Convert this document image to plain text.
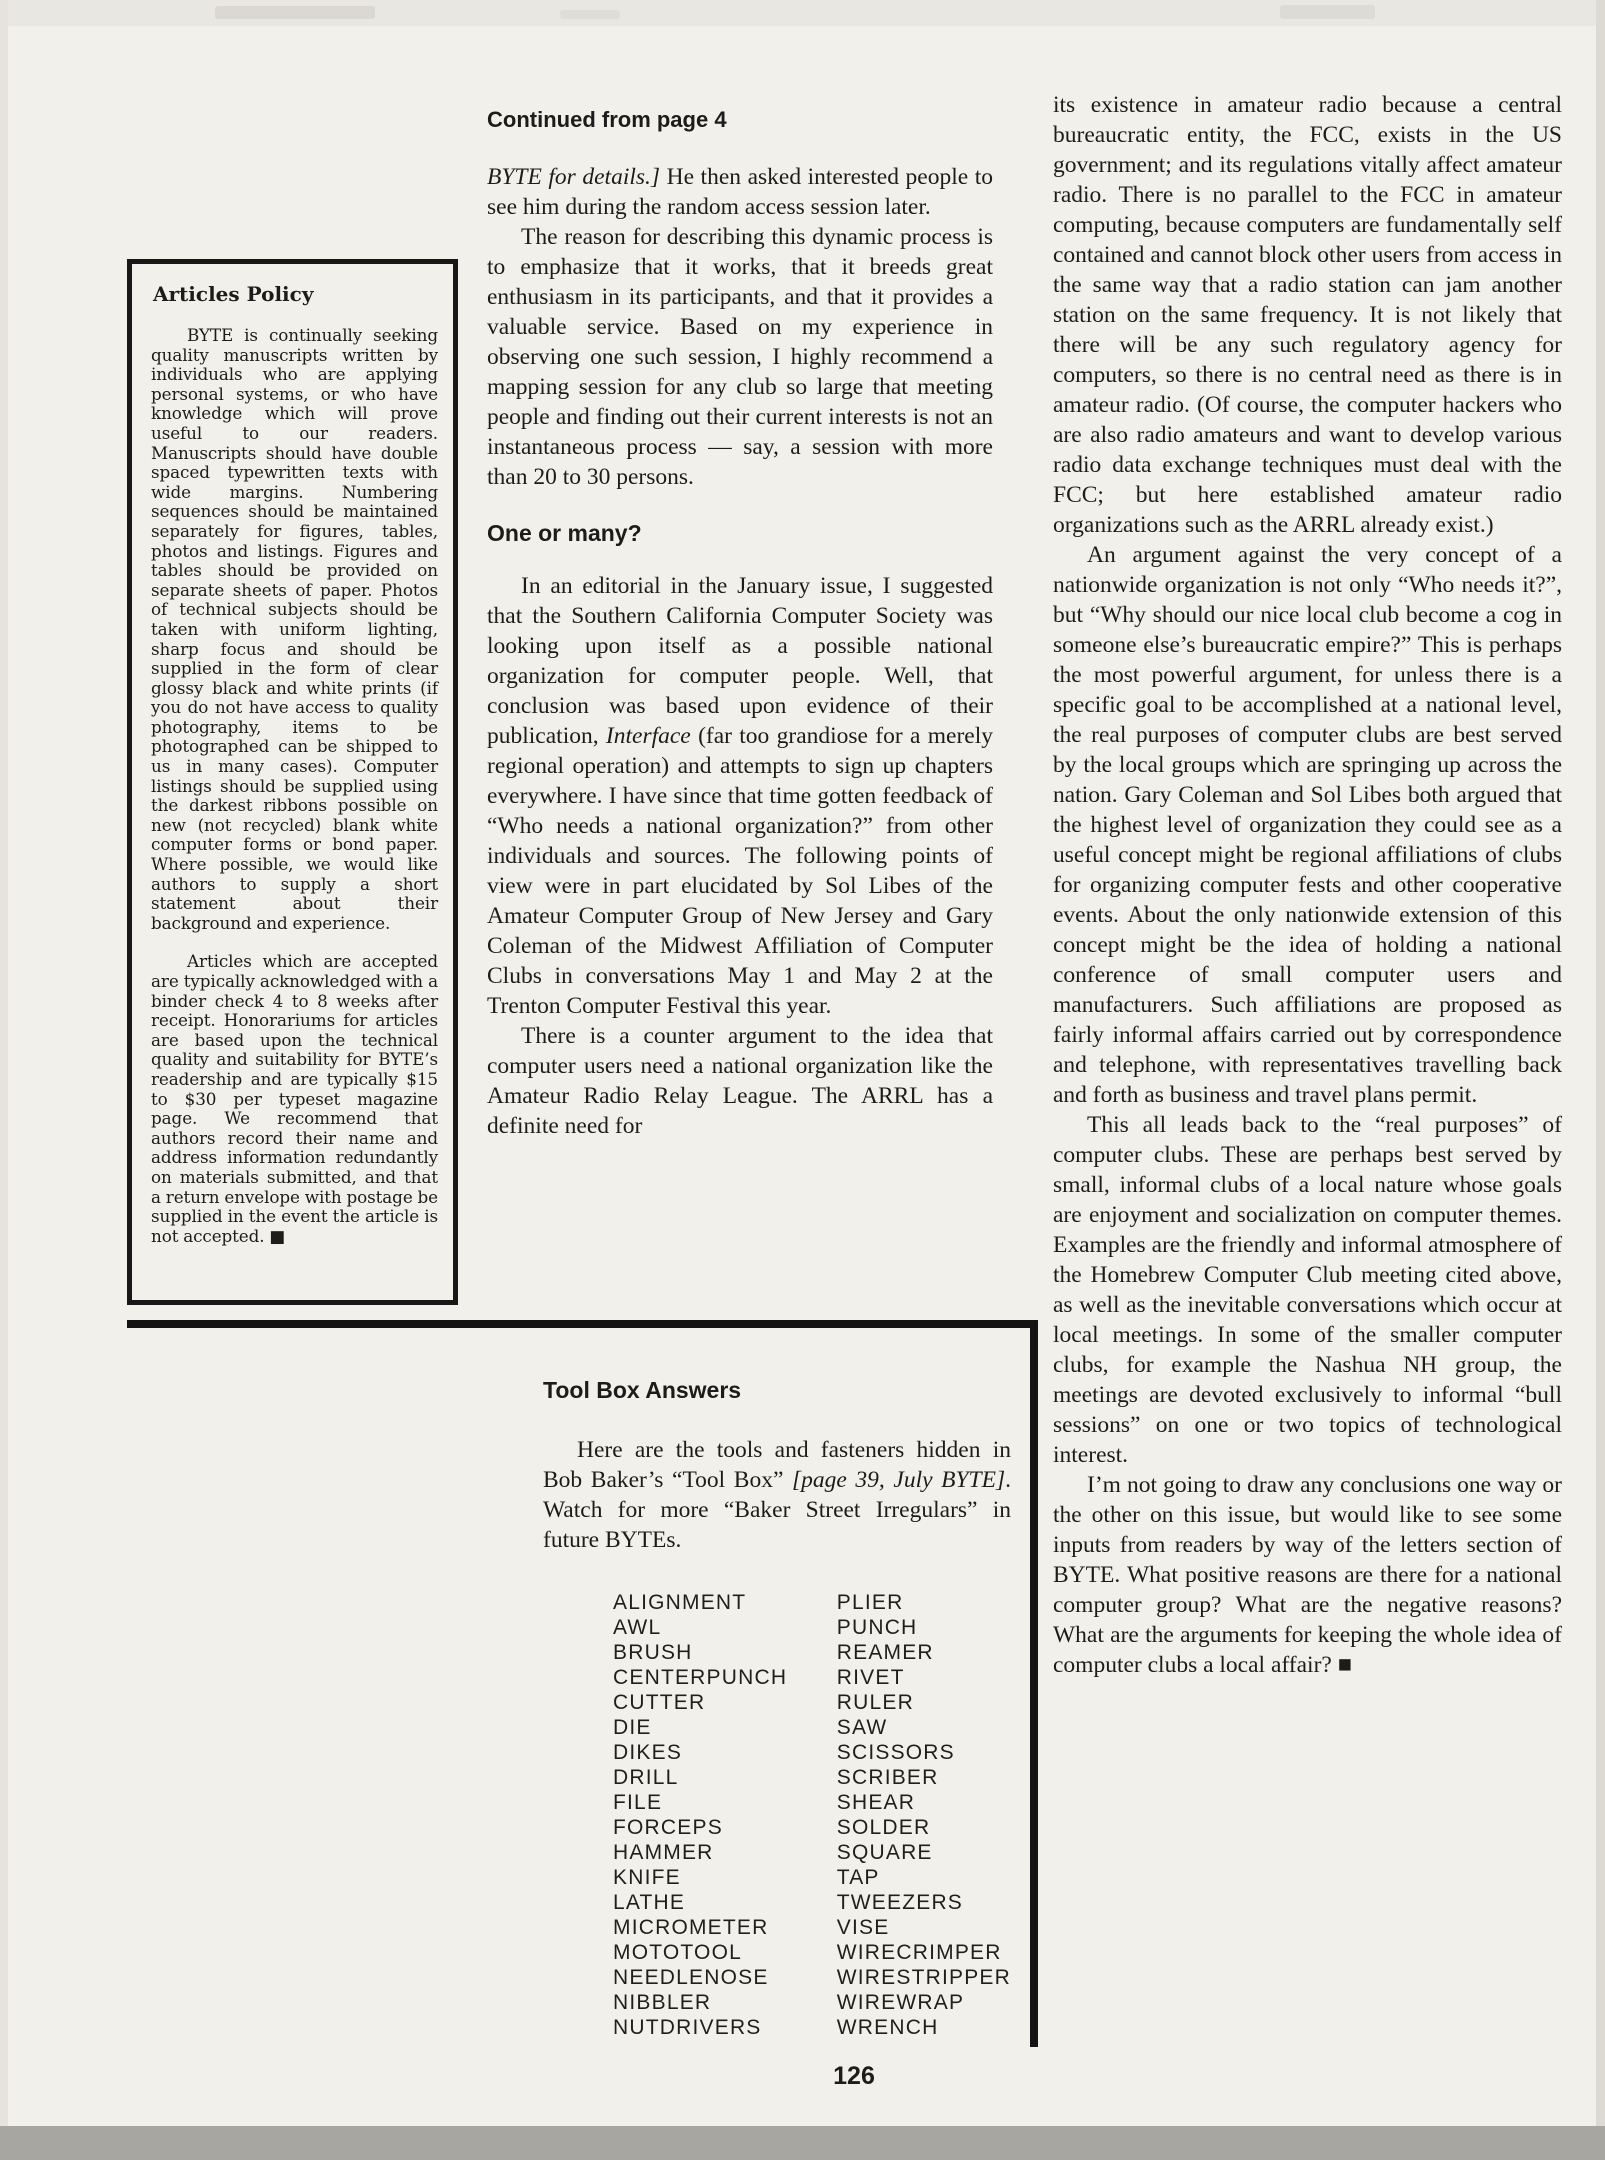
Articles Policy

BYTE is continually seeking quality manuscripts written by individuals who are applying personal systems, or who have knowledge which will prove useful to our readers. Manuscripts should have double spaced typewritten texts with wide margins. Numbering sequences should be maintained separately for figures, tables, photos and listings. Figures and tables should be provided on separate sheets of paper. Photos of technical subjects should be taken with uniform lighting, sharp focus and should be supplied in the form of clear glossy black and white prints (if you do not have access to quality photography, items to be photographed can be shipped to us in many cases). Computer listings should be supplied using the darkest ribbons possible on new (not recycled) blank white computer forms or bond paper. Where possible, we would like authors to supply a short statement about their background and experience.

Articles which are accepted are typically acknowledged with a binder check 4 to 8 weeks after receipt. Honorariums for articles are based upon the technical quality and suitability for BYTE’s readership and are typically $15 to $30 per typeset magazine page. We recommend that authors record their name and address information redundantly on materials submitted, and that a return envelope with postage be supplied in the event the article is not accepted. ■

Continued from page 4

BYTE for details.] He then asked interested people to see him during the random access session later.

The reason for describing this dynamic process is to emphasize that it works, that it breeds great enthusiasm in its participants, and that it provides a valuable service. Based on my experience in observing one such session, I highly recommend a mapping session for any club so large that meeting people and finding out their current interests is not an instantaneous process — say, a session with more than 20 to 30 persons.

One or many?

In an editorial in the January issue, I suggested that the Southern California Computer Society was looking upon itself as a possible national organization for computer people. Well, that conclusion was based upon evidence of their publication, Interface (far too grandiose for a merely regional operation) and attempts to sign up chapters everywhere. I have since that time gotten feedback of “Who needs a national organization?” from other individuals and sources. The following points of view were in part elucidated by Sol Libes of the Amateur Computer Group of New Jersey and Gary Coleman of the Midwest Affiliation of Computer Clubs in conversations May 1 and May 2 at the Trenton Computer Festival this year.

There is a counter argument to the idea that computer users need a national organization like the Amateur Radio Relay League. The ARRL has a definite need for

its existence in amateur radio because a central bureaucratic entity, the FCC, exists in the US government; and its regulations vitally affect amateur radio. There is no parallel to the FCC in amateur computing, because computers are fundamentally self contained and cannot block other users from access in the same way that a radio station can jam another station on the same frequency. It is not likely that there will be any such regulatory agency for computers, so there is no central need as there is in amateur radio. (Of course, the computer hackers who are also radio amateurs and want to develop various radio data exchange techniques must deal with the FCC; but here established amateur radio organizations such as the ARRL already exist.)

An argument against the very concept of a nationwide organization is not only “Who needs it?”, but “Why should our nice local club become a cog in someone else’s bureaucratic empire?” This is perhaps the most powerful argument, for unless there is a specific goal to be accomplished at a national level, the real purposes of computer clubs are best served by the local groups which are springing up across the nation. Gary Coleman and Sol Libes both argued that the highest level of organization they could see as a useful concept might be regional affiliations of clubs for organizing computer fests and other cooperative events. About the only nationwide extension of this concept might be the idea of holding a national conference of small computer users and manufacturers. Such affiliations are proposed as fairly informal affairs carried out by correspondence and telephone, with representatives travelling back and forth as business and travel plans permit.

This all leads back to the “real purposes” of computer clubs. These are perhaps best served by small, informal clubs of a local nature whose goals are enjoyment and socialization on computer themes. Examples are the friendly and informal atmosphere of the Homebrew Computer Club meeting cited above, as well as the inevitable conversations which occur at local meetings. In some of the smaller computer clubs, for example the Nashua NH group, the meetings are devoted exclusively to informal “bull sessions” on one or two topics of technological interest.

I’m not going to draw any conclusions one way or the other on this issue, but would like to see some inputs from readers by way of the letters section of BYTE. What positive reasons are there for a national computer group? What are the negative reasons? What are the arguments for keeping the whole idea of computer clubs a local affair? ■

Tool Box Answers

Here are the tools and fasteners hidden in Bob Baker’s “Tool Box” [page 39, July BYTE]. Watch for more “Baker Street Irregulars” in future BYTEs.

ALIGNMENT
AWL
BRUSH
CENTERPUNCH
CUTTER
DIE
DIKES
DRILL
FILE
FORCEPS
HAMMER
KNIFE
LATHE
MICROMETER
MOTOTOOL
NEEDLENOSE
NIBBLER
NUTDRIVERS
PLIER
PUNCH
REAMER
RIVET
RULER
SAW
SCISSORS
SCRIBER
SHEAR
SOLDER
SQUARE
TAP
TWEEZERS
VISE
WIRECRIMPER
WIRESTRIPPER
WIREWRAP
WRENCH
126
